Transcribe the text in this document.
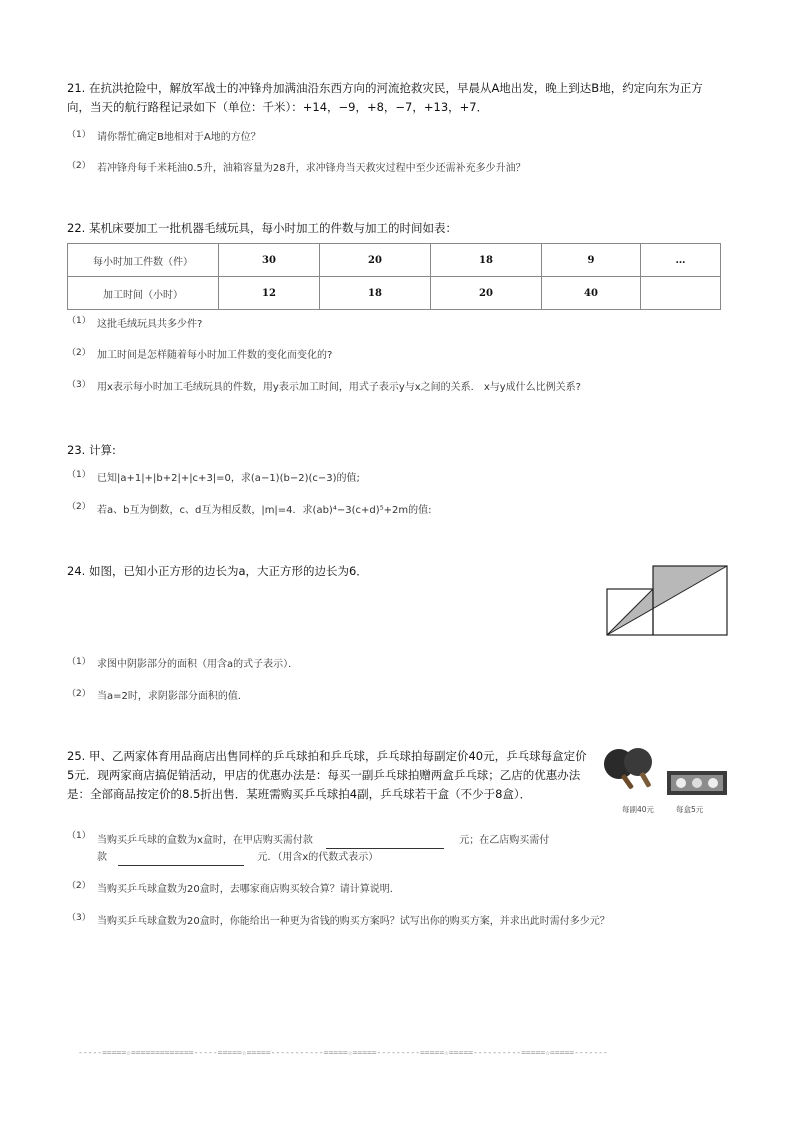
21. 在抗洪抢险中，解放军战士的冲锋舟加满油沿东西方向的河流抢救灾民，早晨从A地出发，晚上到达B地，约定向东为正方
向，当天的航行路程记录如下（单位：千米）：+14，−9，+8，−7，+13，+7．
（1） 请你帮忙确定B地相对于A地的方位？
（2） 若冲锋舟每千米耗油0.5升，油箱容量为28升，求冲锋舟当天救灾过程中至少还需补充多少升油？
22. 某机床要加工一批机器毛绒玩具，每小时加工的件数与加工的时间如表：
每小时加工件数（件）	30	20	18	9	…
加工时间（小时）	12	18	20	40	
（1） 这批毛绒玩具共多少件?
（2） 加工时间是怎样随着每小时加工件数的变化而变化的?
（3） 用x表示每小时加工毛绒玩具的件数，用y表示加工时间，用式子表示y与x之间的关系． x与y成什么比例关系?
23. 计算:
（1） 已知|a+1|+|b+2|+|c+3|=0，求(a−1)(b−2)(c−3)的值;
（2） 若a、b互为倒数，c、d互为相反数，|m|=4．求(ab)⁴−3(c+d)⁵+2m的值:
24. 如图，已知小正方形的边长为a，大正方形的边长为6．
（1） 求图中阴影部分的面积（用含a的式子表示）．
（2） 当a=2时，求阴影部分面积的值．
25. 甲、乙两家体育用品商店出售同样的乒乓球拍和乒乓球，乒乓球拍每副定价40元，乒乓球每盒定价
5元．现两家商店搞促销活动，甲店的优惠办法是：每买一副乒乓球拍赠两盒乒乓球；乙店的优惠办法
是：全部商品按定价的8.5折出售．某班需购买乒乓球拍4副，乒乓球若干盒（不少于8盒）．
每副40元	每盒5元
（1） 当购买乒乓球的盒数为x盒时，在甲店购买需付款	元；在乙店购买需付
款	元．（用含x的代数式表示）
（2） 当购买乒乓球盒数为20盒时，去哪家商店购买较合算？请计算说明．
（3） 当购买乒乓球盒数为20盒时，你能给出一种更为省钱的购买方案吗？试写出你的购买方案，并求出此时需付多少元？
-----=====☆=============-----=====☆=====-----------=====☆=====---------=====☆=====----------=====☆=====-------
